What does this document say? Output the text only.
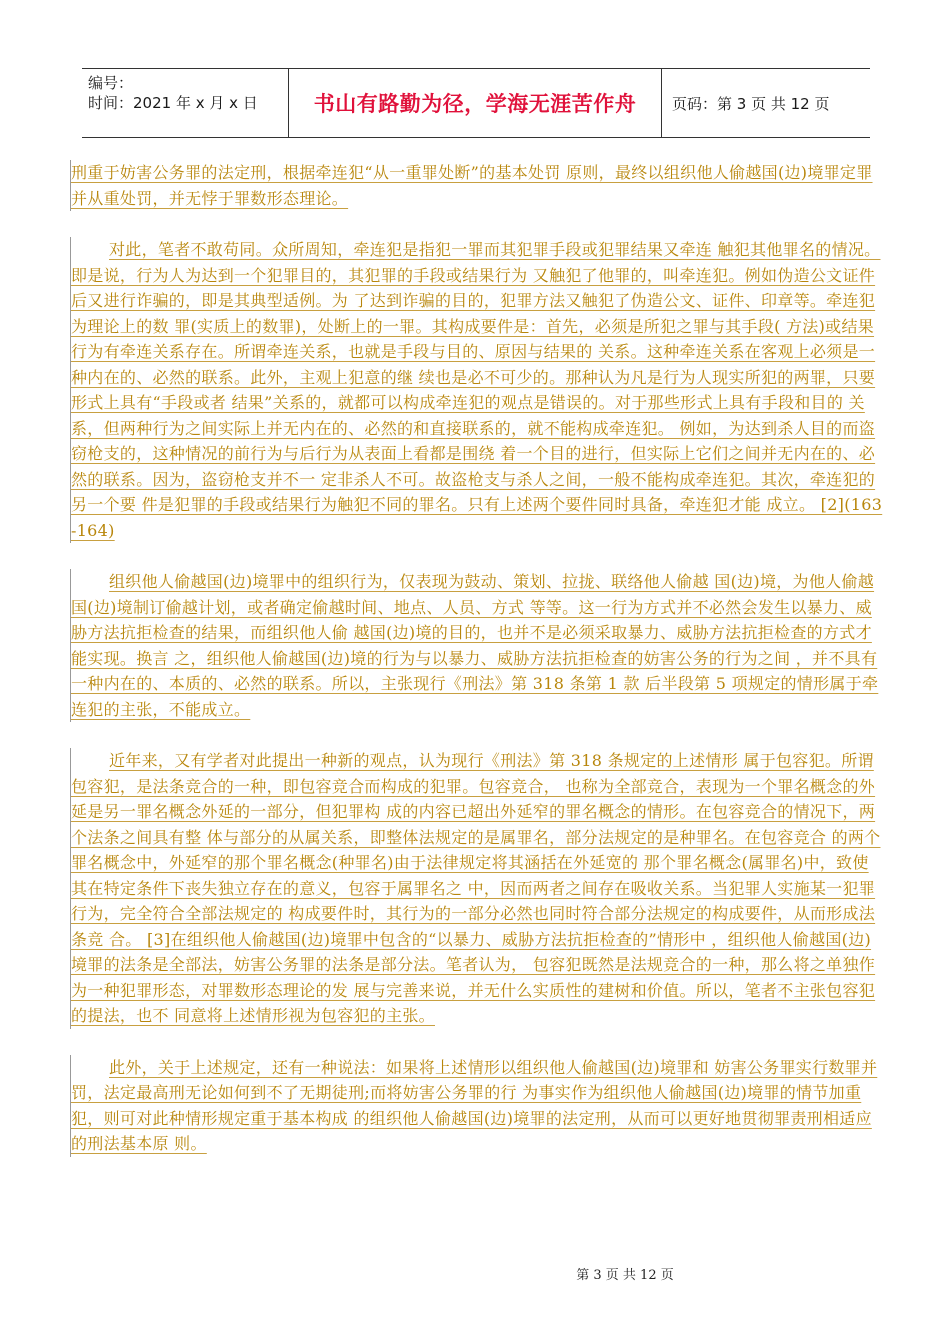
编号：
时间：2021 年 x 月 x 日	书山有路勤为径，学海无涯苦作舟 页码：第 3 页 共 12 页

刑重于妨害公务罪的法定刑，根据牵连犯“从一重罪处断”的基本处罚 原则，最终以组织他人偷越国(边)境罪定罪并从重处罚，并无悖于罪数形态理论。

对此，笔者不敢苟同。众所周知，牵连犯是指犯一罪而其犯罪手段或犯罪结果又牵连 触犯其他罪名的情况。即是说，行为人为达到一个犯罪目的，其犯罪的手段或结果行为 又触犯了他罪的，叫牵连犯。例如伪造公文证件后又进行诈骗的，即是其典型适例。为 了达到诈骗的目的，犯罪方法又触犯了伪造公文、证件、印章等。牵连犯为理论上的数 罪(实质上的数罪)，处断上的一罪。其构成要件是：首先，必须是所犯之罪与其手段( 方法)或结果行为有牵连关系存在。所谓牵连关系，也就是手段与目的、原因与结果的 关系。这种牵连关系在客观上必须是一种内在的、必然的联系。此外，主观上犯意的继 续也是必不可少的。那种认为凡是行为人现实所犯的两罪，只要形式上具有“手段或者 结果”关系的，就都可以构成牵连犯的观点是错误的。对于那些形式上具有手段和目的 关系，但两种行为之间实际上并无内在的、必然的和直接联系的，就不能构成牵连犯。 例如，为达到杀人目的而盗窃枪支的，这种情况的前行为与后行为从表面上看都是围绕 着一个目的进行，但实际上它们之间并无内在的、必然的联系。因为，盗窃枪支并不一 定非杀人不可。故盗枪支与杀人之间，一般不能构成牵连犯。其次，牵连犯的另一个要 件是犯罪的手段或结果行为触犯不同的罪名。只有上述两个要件同时具备，牵连犯才能 成立。 [2](163-164)

组织他人偷越国(边)境罪中的组织行为，仅表现为鼓动、策划、拉拢、联络他人偷越 国(边)境，为他人偷越国(边)境制订偷越计划，或者确定偷越时间、地点、人员、方式 等等。这一行为方式并不必然会发生以暴力、威胁方法抗拒检查的结果，而组织他人偷 越国(边)境的目的，也并不是必须采取暴力、威胁方法抗拒检查的方式才能实现。换言 之，组织他人偷越国(边)境的行为与以暴力、威胁方法抗拒检查的妨害公务的行为之间 ，并不具有一种内在的、本质的、必然的联系。所以，主张现行《刑法》第 318 条第 1 款 后半段第 5 项规定的情形属于牵连犯的主张，不能成立。

近年来，又有学者对此提出一种新的观点，认为现行《刑法》第 318 条规定的上述情形 属于包容犯。所谓包容犯，是法条竞合的一种，即包容竞合而构成的犯罪。包容竞合， 也称为全部竞合，表现为一个罪名概念的外延是另一罪名概念外延的一部分，但犯罪构 成的内容已超出外延窄的罪名概念的情形。在包容竞合的情况下，两个法条之间具有整 体与部分的从属关系，即整体法规定的是属罪名，部分法规定的是种罪名。在包容竞合 的两个罪名概念中，外延窄的那个罪名概念(种罪名)由于法律规定将其涵括在外延宽的 那个罪名概念(属罪名)中，致使其在特定条件下丧失独立存在的意义，包容于属罪名之 中，因而两者之间存在吸收关系。当犯罪人实施某一犯罪行为，完全符合全部法规定的 构成要件时，其行为的一部分必然也同时符合部分法规定的构成要件，从而形成法条竞 合。 [3]在组织他人偷越国(边)境罪中包含的“以暴力、威胁方法抗拒检查的”情形中 ，组织他人偷越国(边)境罪的法条是全部法，妨害公务罪的法条是部分法。笔者认为， 包容犯既然是法规竞合的一种，那么将之单独作为一种犯罪形态，对罪数形态理论的发 展与完善来说，并无什么实质性的建树和价值。所以，笔者不主张包容犯的提法，也不 同意将上述情形视为包容犯的主张。

此外，关于上述规定，还有一种说法：如果将上述情形以组织他人偷越国(边)境罪和 妨害公务罪实行数罪并罚，法定最高刑无论如何到不了无期徒刑;而将妨害公务罪的行 为事实作为组织他人偷越国(边)境罪的情节加重犯，则可对此种情形规定重于基本构成 的组织他人偷越国(边)境罪的法定刑，从而可以更好地贯彻罪责刑相适应的刑法基本原 则。

第 3 页 共 12 页
